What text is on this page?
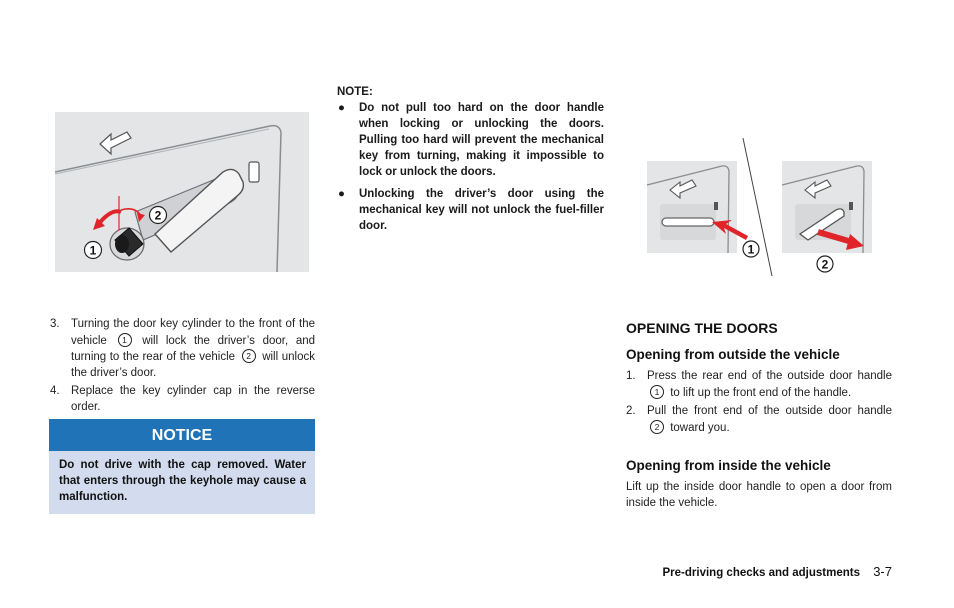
2
1
3. Turning the door key cylinder to the front of the vehicle 1 will lock the driver’s door, and turning to the rear of the vehicle 2 will unlock the driver’s door.
4. Replace the key cylinder cap in the reverse order.
NOTICE
Do not drive with the cap removed. Water that enters through the keyhole may cause a malfunction.
NOTE:
● Do not pull too hard on the door handle when locking or unlocking the doors. Pulling too hard will prevent the mechanical key from turning, making it impossible to lock or unlock the doors.
● Unlocking the driver’s door using the mechanical key will not unlock the fuel-filler door.
1
2
OPENING THE DOORS
Opening from outside the vehicle
1. Press the rear end of the outside door handle 1 to lift up the front end of the handle.
2. Pull the front end of the outside door handle 2 toward you.
Opening from inside the vehicle
Lift up the inside door handle to open a door from inside the vehicle.
Pre-driving checks and adjustments 3-7
